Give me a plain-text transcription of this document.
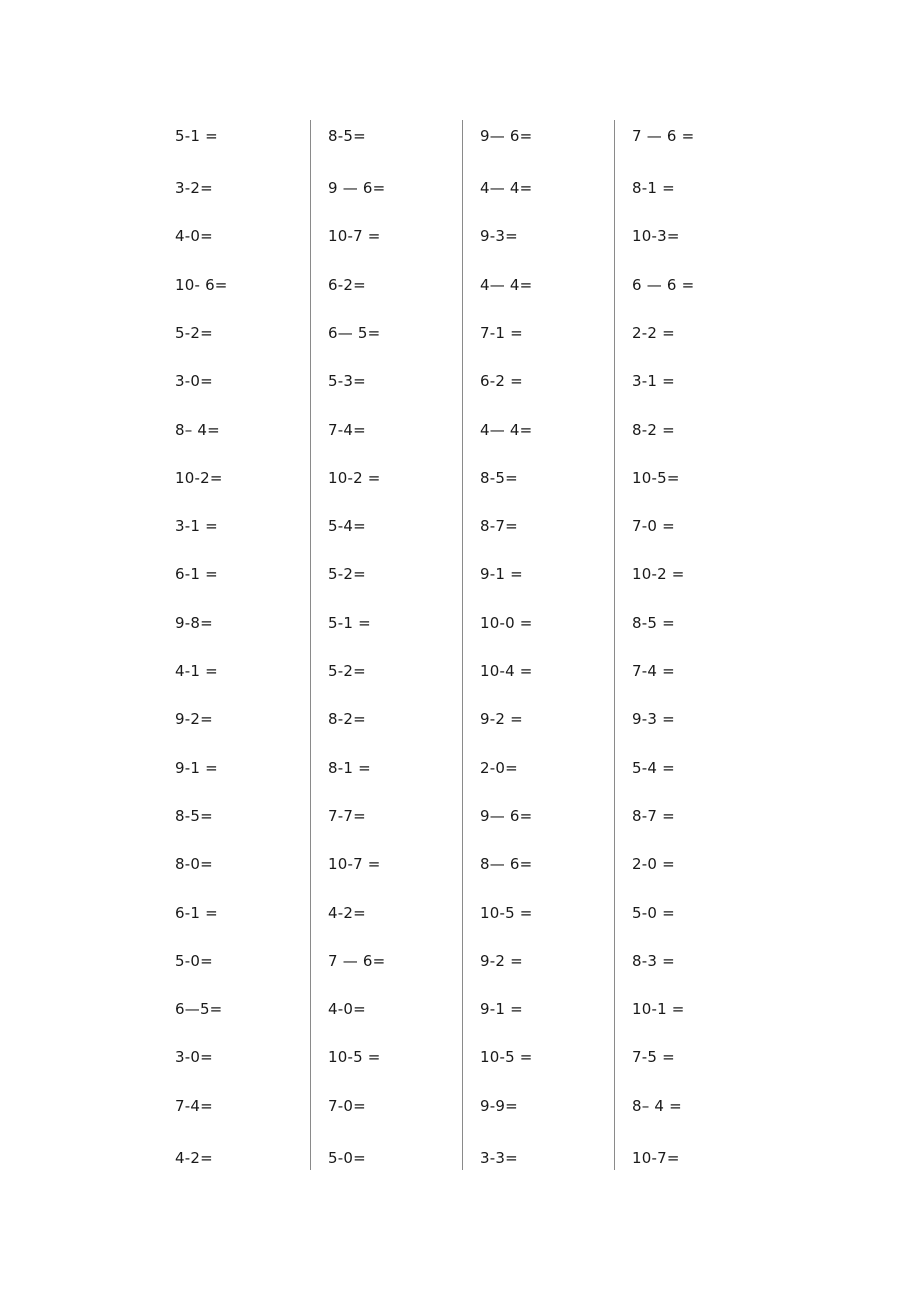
5-1 =
3-2=
4-0=
10- 6=
5-2=
3-0=
8– 4=
10-2=
3-1 =
6-1 =
9-8=
4-1 =
9-2=
9-1 =
8-5=
8-0=
6-1 =
5-0=
6—5=
3-0=
7-4=
4-2=
8-5=
9 — 6=
10-7 =
6-2=
6— 5=
5-3=
7-4=
10-2 =
5-4=
5-2=
5-1 =
5-2=
8-2=
8-1 =
7-7=
10-7 =
4-2=
7 — 6=
4-0=
10-5 =
7-0=
5-0=
9— 6=
4— 4=
9-3=
4— 4=
7-1 =
6-2 =
4— 4=
8-5=
8-7=
9-1 =
10-0 =
10-4 =
9-2 =
2-0=
9— 6=
8— 6=
10-5 =
9-2 =
9-1 =
10-5 =
9-9=
3-3=
7 — 6 =
8-1 =
10-3=
6 — 6 =
2-2 =
3-1 =
8-2 =
10-5=
7-0 =
10-2 =
8-5 =
7-4 =
9-3 =
5-4 =
8-7 =
2-0 =
5-0 =
8-3 =
10-1 =
7-5 =
8– 4 =
10-7=
